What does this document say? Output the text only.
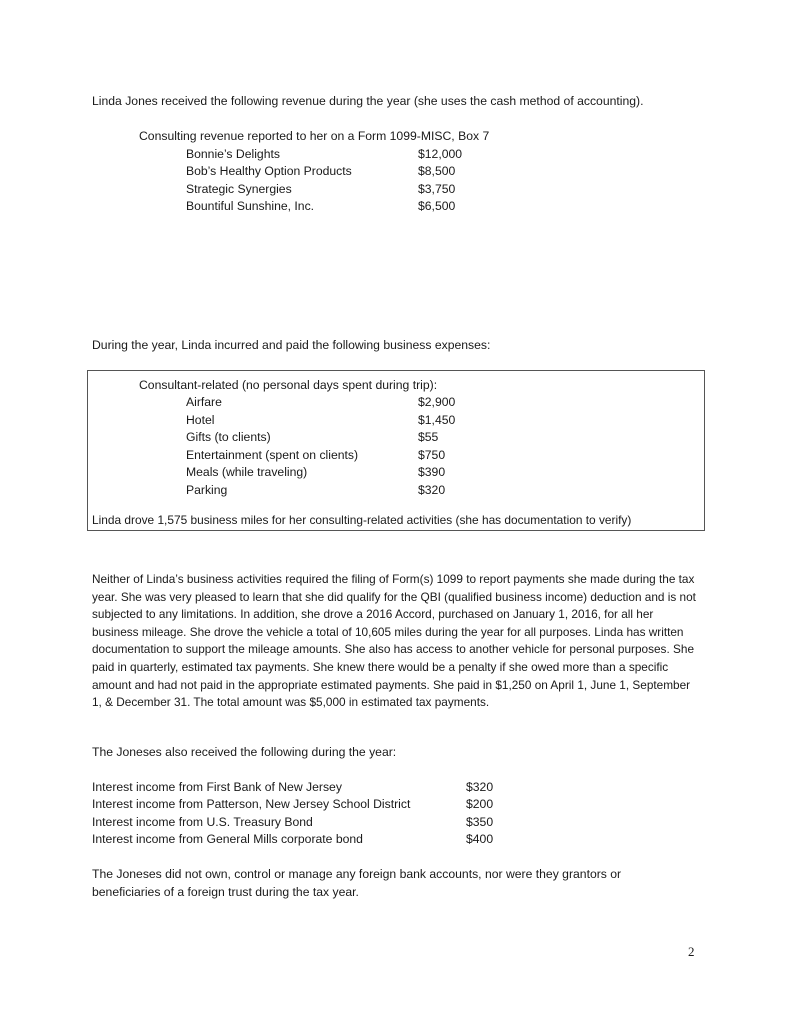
Linda Jones received the following revenue during the year (she uses the cash method of accounting).
Consulting revenue reported to her on a Form 1099-MISC, Box 7
Bonnie’s Delights	$12,000
Bob’s Healthy Option Products	$8,500
Strategic Synergies	$3,750
Bountiful Sunshine, Inc.	$6,500
During the year, Linda incurred and paid the following business expenses:
Consultant-related (no personal days spent during trip):
Airfare	$2,900
Hotel	$1,450
Gifts (to clients)	$55
Entertainment (spent on clients)	$750
Meals (while traveling)	$390
Parking	$320
Linda drove 1,575 business miles for her consulting-related activities (she has documentation to verify)
Neither of Linda’s business activities required the filing of Form(s) 1099 to report payments she made during the tax year. She was very pleased to learn that she did qualify for the QBI (qualified business income) deduction and is not subjected to any limitations. In addition, she drove a 2016 Accord, purchased on January 1, 2016, for all her business mileage. She drove the vehicle a total of 10,605 miles during the year for all purposes. Linda has written documentation to support the mileage amounts. She also has access to another vehicle for personal purposes. She paid in quarterly, estimated tax payments. She knew there would be a penalty if she owed more than a specific amount and had not paid in the appropriate estimated payments. She paid in $1,250 on April 1, June 1, September 1, & December 31. The total amount was $5,000 in estimated tax payments.
The Joneses also received the following during the year:
Interest income from First Bank of New Jersey	$320
Interest income from Patterson, New Jersey School District	$200
Interest income from U.S. Treasury Bond	$350
Interest income from General Mills corporate bond	$400
The Joneses did not own, control or manage any foreign bank accounts, nor were they grantors or beneficiaries of a foreign trust during the tax year.
2
